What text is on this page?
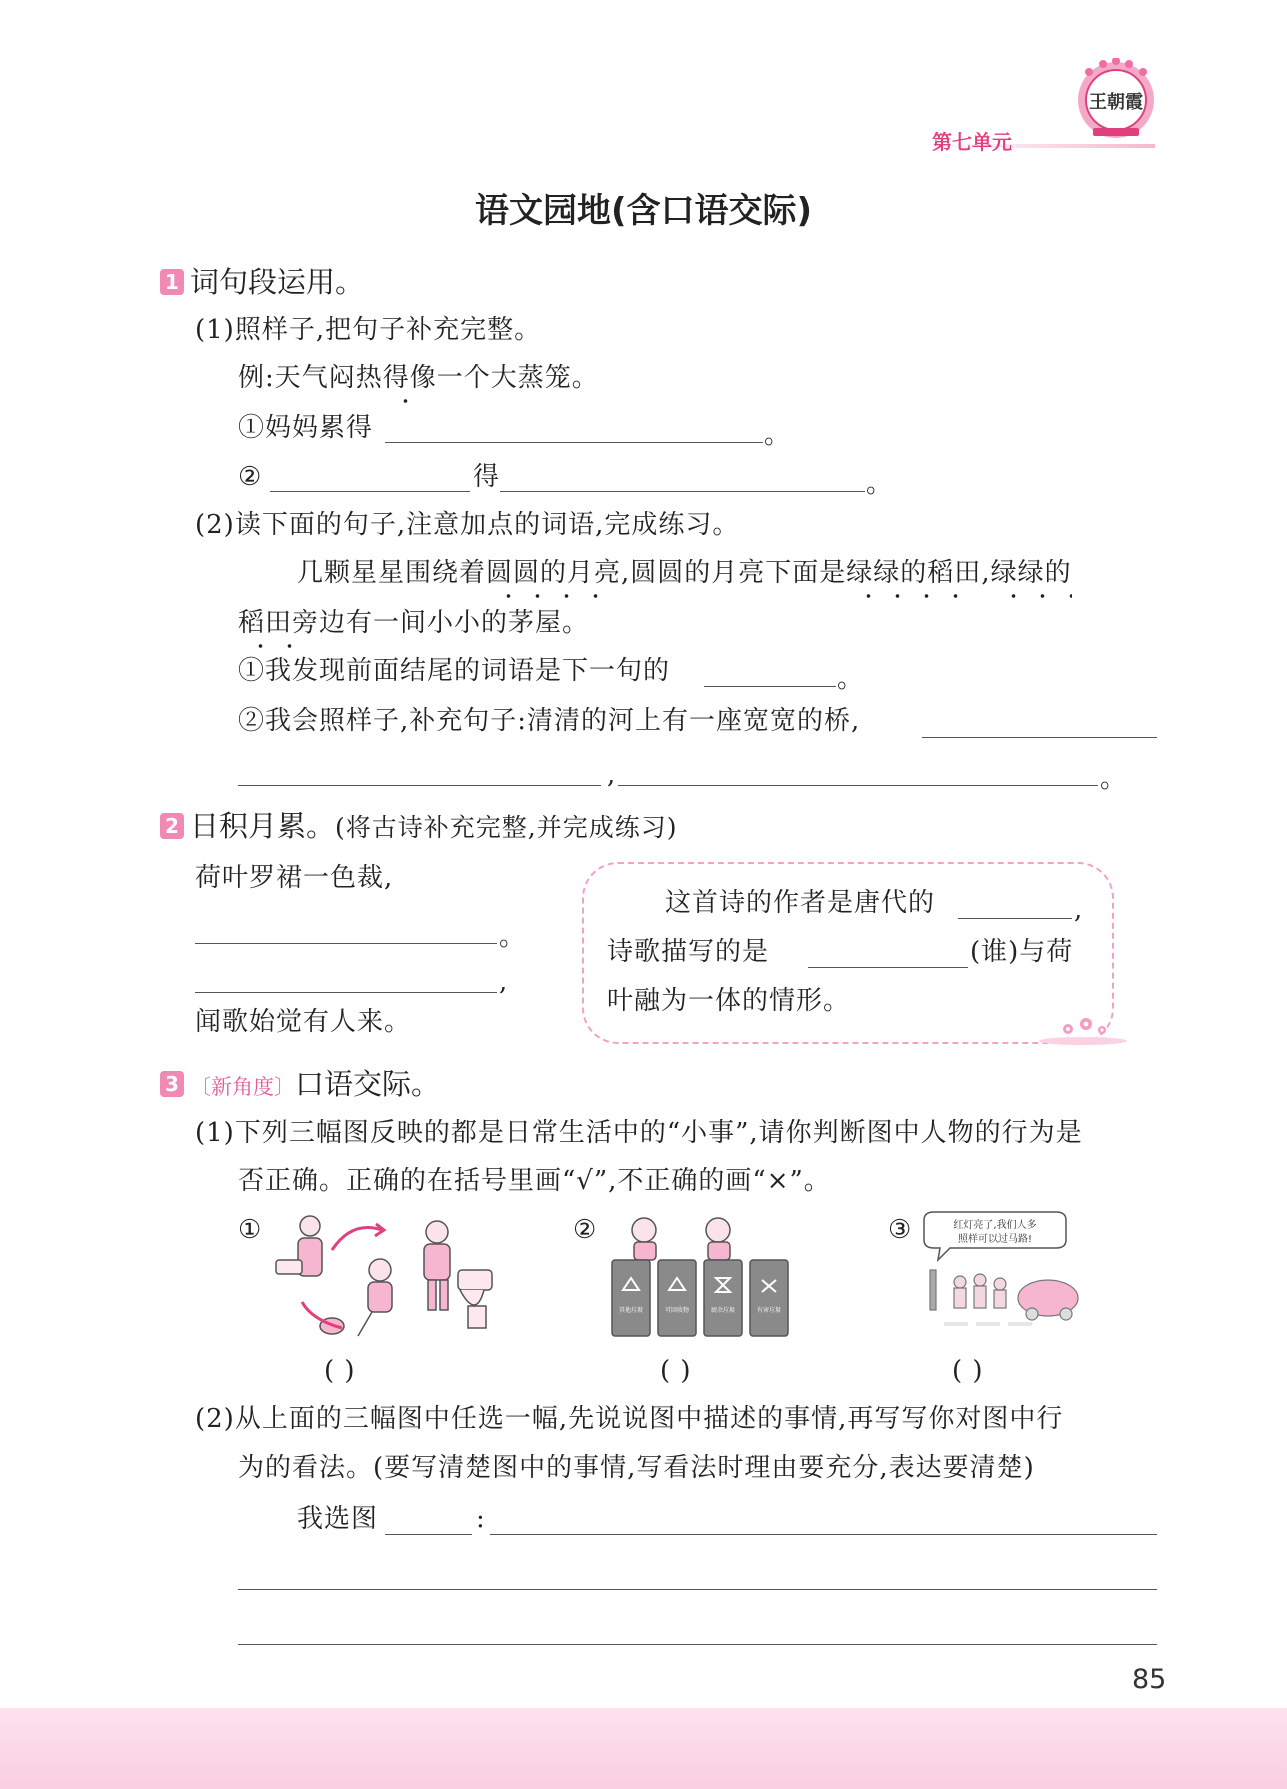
第七单元
王朝霞
语文园地(含口语交际)
1 词句段运用。
(1)照样子,把句子补充完整。
例:天气闷热得像一个大蒸笼。
①妈妈累得	。
②	得	。
(2)读下面的句子,注意加点的词语,完成练习。
几颗星星围绕着圆圆的月亮,圆圆的月亮下面是绿绿的稻田,绿绿的
稻田旁边有一间小小的茅屋。
①我发现前面结尾的词语是下一句的	。
②我会照样子,补充句子:清清的河上有一座宽宽的桥,
,	。
2 日积月累。(将古诗补充完整,并完成练习)
荷叶罗裙一色裁,
。
,
闻歌始觉有人来。
这首诗的作者是唐代的	,
诗歌描写的是	(谁)与荷
叶融为一体的情形。
3 〔新角度〕口语交际。
(1)下列三幅图反映的都是日常生活中的“小事”,请你判断图中人物的行为是
否正确。正确的在括号里画“√”,不正确的画“×”。
①
( )
②
其他垃圾	可回收物	厨余垃圾	有害垃圾
( )
③	红灯亮了,我们人多
照样可以过马路!
( )
(2)从上面的三幅图中任选一幅,先说说图中描述的事情,再写写你对图中行
为的看法。(要写清楚图中的事情,写看法时理由要充分,表达要清楚)
我选图	:
85
